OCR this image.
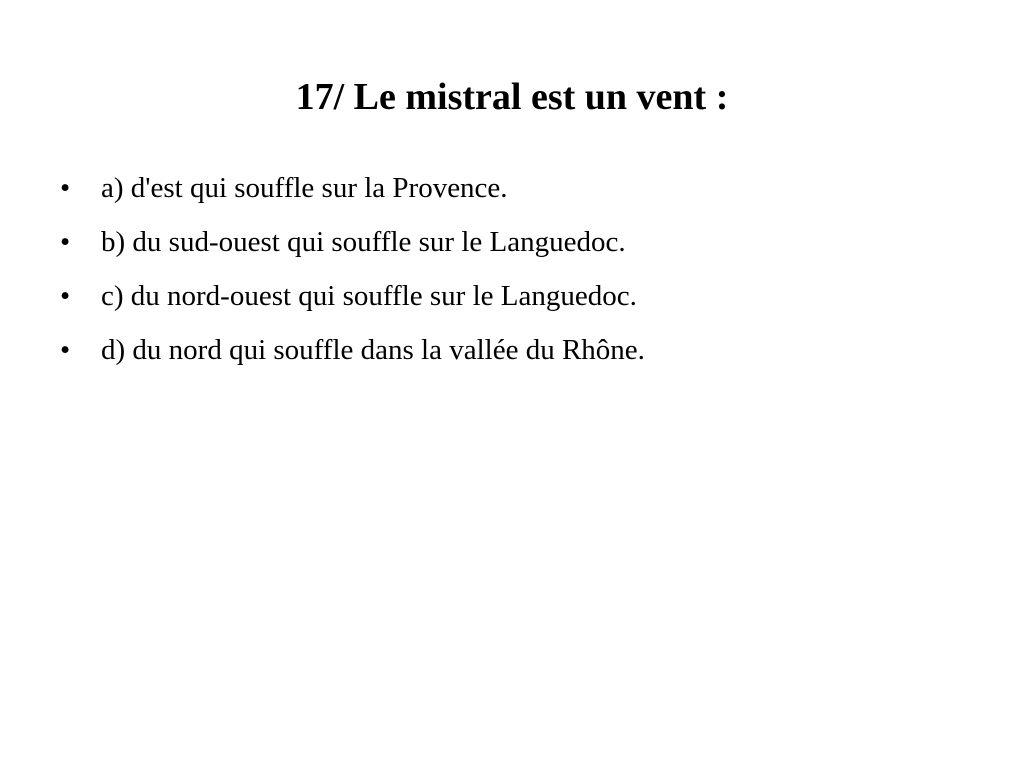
17/ Le mistral est un vent :
•	a) d'est qui souffle sur la Provence.
•	b) du sud-ouest qui souffle sur le Languedoc.
•	c) du nord-ouest qui souffle sur le Languedoc.
•	d) du nord qui souffle dans la vallée du Rhône.
